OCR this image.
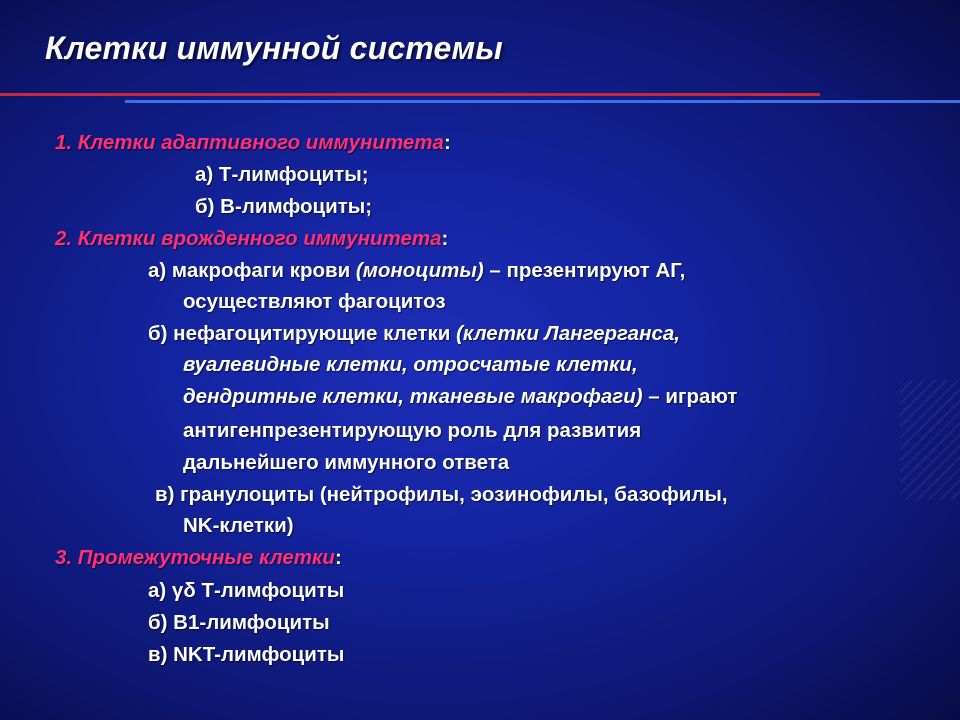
Клетки иммунной системы
1. Клетки адаптивного иммунитета:
а) Т-лимфоциты;
б) В-лимфоциты;
2. Клетки врожденного иммунитета:
а) макрофаги крови (моноциты) – презентируют АГ,
осуществляют фагоцитоз
б) нефагоцитирующие клетки (клетки Лангерганса,
вуалевидные клетки, отросчатые клетки,
дендритные клетки, тканевые макрофаги) – играют
антигенпрезентирующую роль для развития
дальнейшего иммунного ответа
в) гранулоциты (нейтрофилы, эозинофилы, базофилы,
NK-клетки)
3. Промежуточные клетки:
а) γδ Т-лимфоциты
б) В1-лимфоциты
в) NKT-лимфоциты
